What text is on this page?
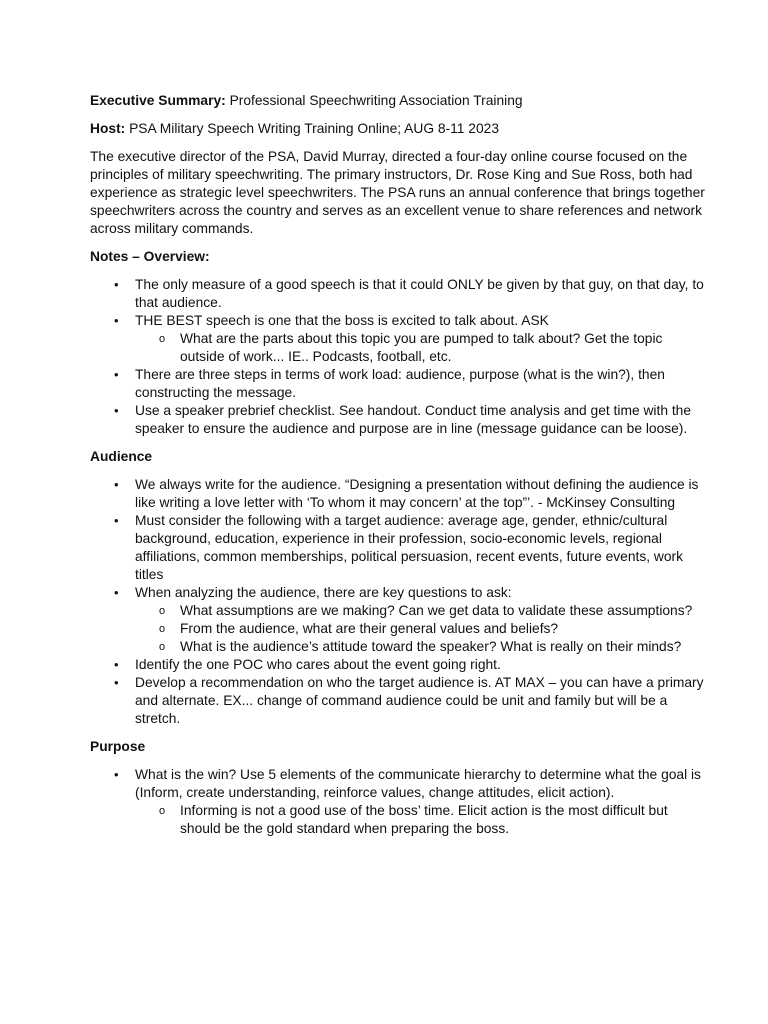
Executive Summary: Professional Speechwriting Association Training

Host: PSA Military Speech Writing Training Online; AUG 8-11 2023

The executive director of the PSA, David Murray, directed a four-day online course focused on the principles of military speechwriting. The primary instructors, Dr. Rose King and Sue Ross, both had experience as strategic level speechwriters. The PSA runs an annual conference that brings together speechwriters across the country and serves as an excellent venue to share references and network across military commands.

Notes – Overview:

• The only measure of a good speech is that it could ONLY be given by that guy, on that day, to that audience.
• THE BEST speech is one that the boss is excited to talk about. ASK
o What are the parts about this topic you are pumped to talk about? Get the topic outside of work... IE.. Podcasts, football, etc.
• There are three steps in terms of work load: audience, purpose (what is the win?), then constructing the message.
• Use a speaker prebrief checklist. See handout. Conduct time analysis and get time with the speaker to ensure the audience and purpose are in line (message guidance can be loose).

Audience

• We always write for the audience. “Designing a presentation without defining the audience is like writing a love letter with ‘To whom it may concern’ at the top”’. - McKinsey Consulting
• Must consider the following with a target audience: average age, gender, ethnic/cultural background, education, experience in their profession, socio-economic levels, regional affiliations, common memberships, political persuasion, recent events, future events, work titles
• When analyzing the audience, there are key questions to ask:
o What assumptions are we making? Can we get data to validate these assumptions?
o From the audience, what are their general values and beliefs?
o What is the audience’s attitude toward the speaker? What is really on their minds?
• Identify the one POC who cares about the event going right.
• Develop a recommendation on who the target audience is. AT MAX – you can have a primary and alternate. EX... change of command audience could be unit and family but will be a stretch.

Purpose

• What is the win? Use 5 elements of the communicate hierarchy to determine what the goal is (Inform, create understanding, reinforce values, change attitudes, elicit action).
o Informing is not a good use of the boss’ time. Elicit action is the most difficult but should be the gold standard when preparing the boss.
